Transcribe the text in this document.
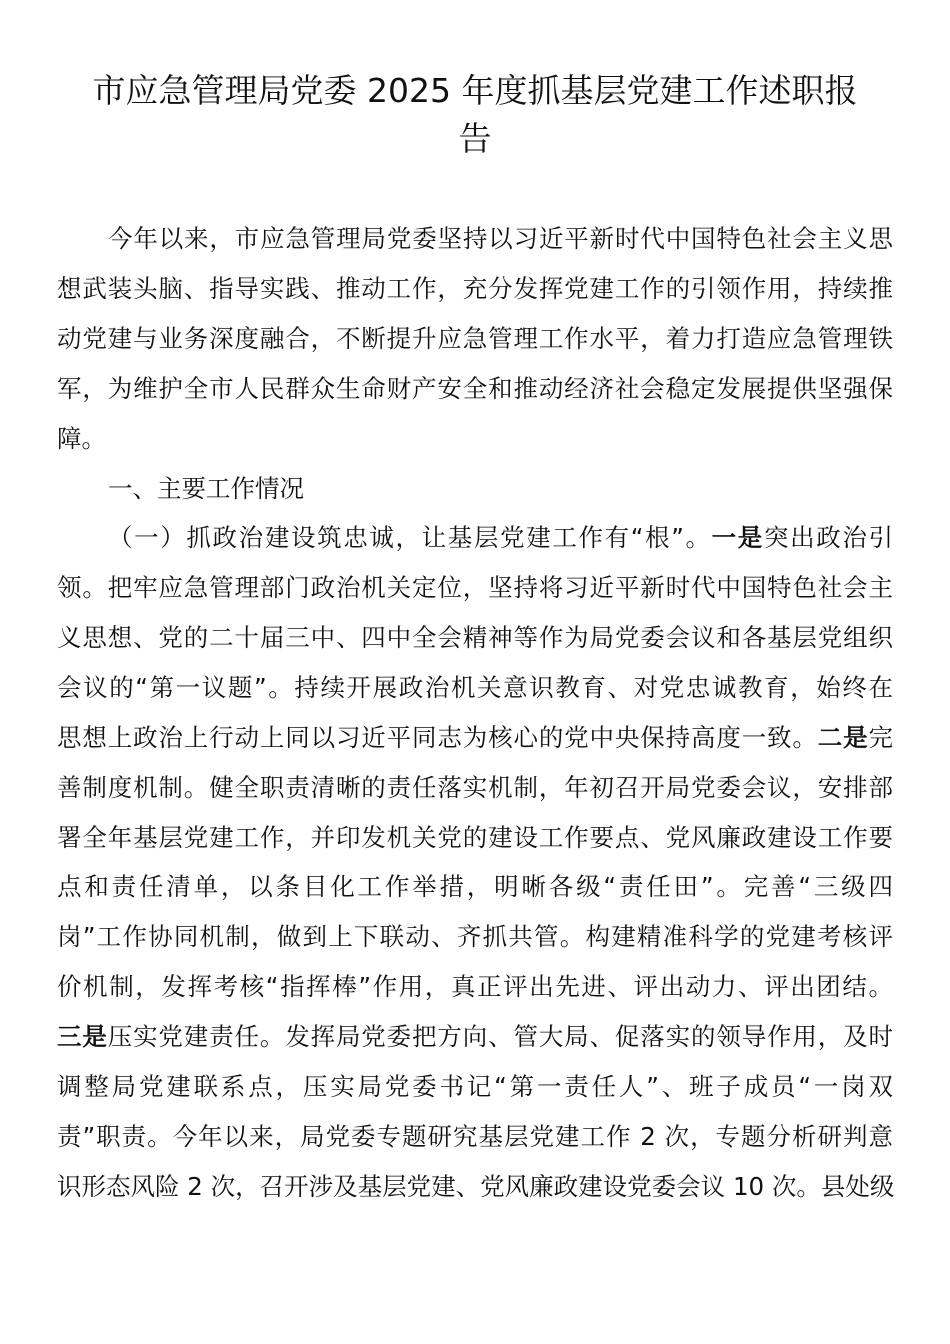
市应急管理局党委 2025 年度抓基层党建工作述职报
告
今年以来，市应急管理局党委坚持以习近平新时代中国特色社会主义思
想武装头脑、指导实践、推动工作，充分发挥党建工作的引领作用，持续推
动党建与业务深度融合，不断提升应急管理工作水平，着力打造应急管理铁
军，为维护全市人民群众生命财产安全和推动经济社会稳定发展提供坚强保
障。
一、主要工作情况
（一）抓政治建设筑忠诚，让基层党建工作有“根”。一是突出政治引
领。把牢应急管理部门政治机关定位，坚持将习近平新时代中国特色社会主
义思想、党的二十届三中、四中全会精神等作为局党委会议和各基层党组织
会议的“第一议题”。持续开展政治机关意识教育、对党忠诚教育，始终在
思想上政治上行动上同以习近平同志为核心的党中央保持高度一致。二是完
善制度机制。健全职责清晰的责任落实机制，年初召开局党委会议，安排部
署全年基层党建工作，并印发机关党的建设工作要点、党风廉政建设工作要
点和责任清单，以条目化工作举措，明晰各级“责任田”。完善“三级四
岗”工作协同机制，做到上下联动、齐抓共管。构建精准科学的党建考核评
价机制，发挥考核“指挥棒”作用，真正评出先进、评出动力、评出团结。
三是压实党建责任。发挥局党委把方向、管大局、促落实的领导作用，及时
调整局党建联系点，压实局党委书记“第一责任人”、班子成员“一岗双
责”职责。今年以来，局党委专题研究基层党建工作 2 次，专题分析研判意
识形态风险 2 次，召开涉及基层党建、党风廉政建设党委会议 10 次。县处级
